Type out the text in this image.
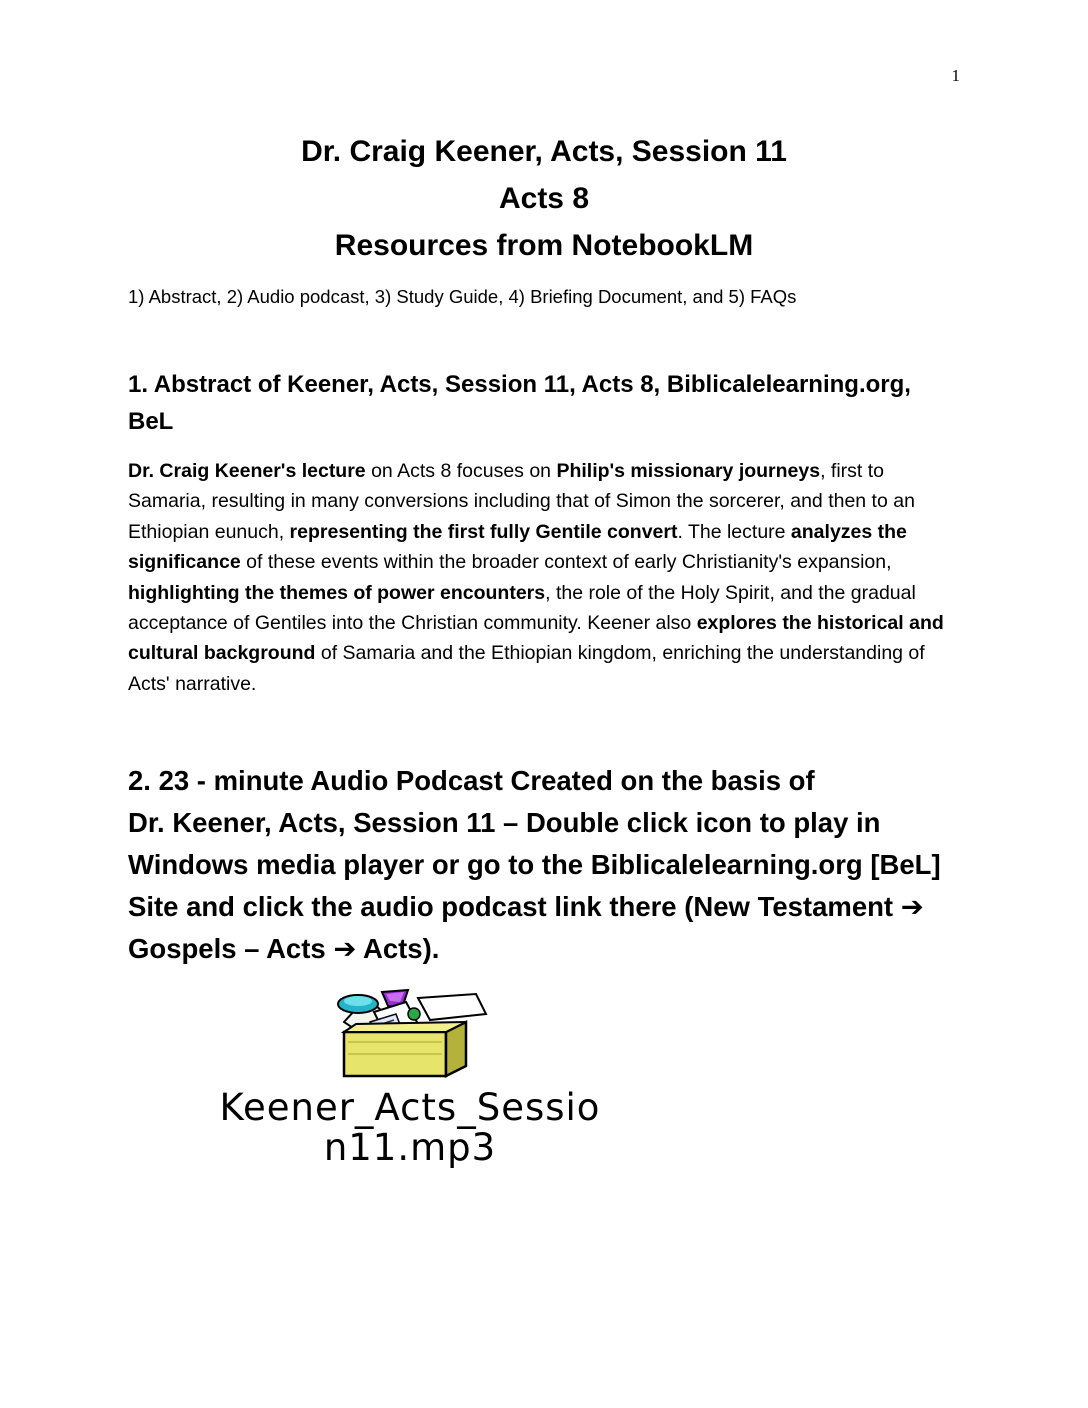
1
Dr. Craig Keener, Acts, Session 11
Acts 8
Resources from NotebookLM
1) Abstract, 2) Audio podcast, 3) Study Guide, 4) Briefing Document, and 5) FAQs
1. Abstract of Keener, Acts, Session 11, Acts 8, Biblicalelearning.org,
BeL
Dr. Craig Keener's lecture on Acts 8 focuses on Philip's missionary journeys, first to Samaria, resulting in many conversions including that of Simon the sorcerer, and then to an Ethiopian eunuch, representing the first fully Gentile convert. The lecture analyzes the significance of these events within the broader context of early Christianity's expansion, highlighting the themes of power encounters, the role of the Holy Spirit, and the gradual acceptance of Gentiles into the Christian community. Keener also explores the historical and cultural background of Samaria and the Ethiopian kingdom, enriching the understanding of Acts' narrative.
2. 23 - minute Audio Podcast Created on the basis of
Dr. Keener, Acts, Session 11 – Double click icon to play in
Windows media player or go to the Biblicalelearning.org [BeL]
Site and click the audio podcast link there (New Testament ➔
Gospels – Acts ➔ Acts).
Keener_Acts_Sessio
n11.mp3
